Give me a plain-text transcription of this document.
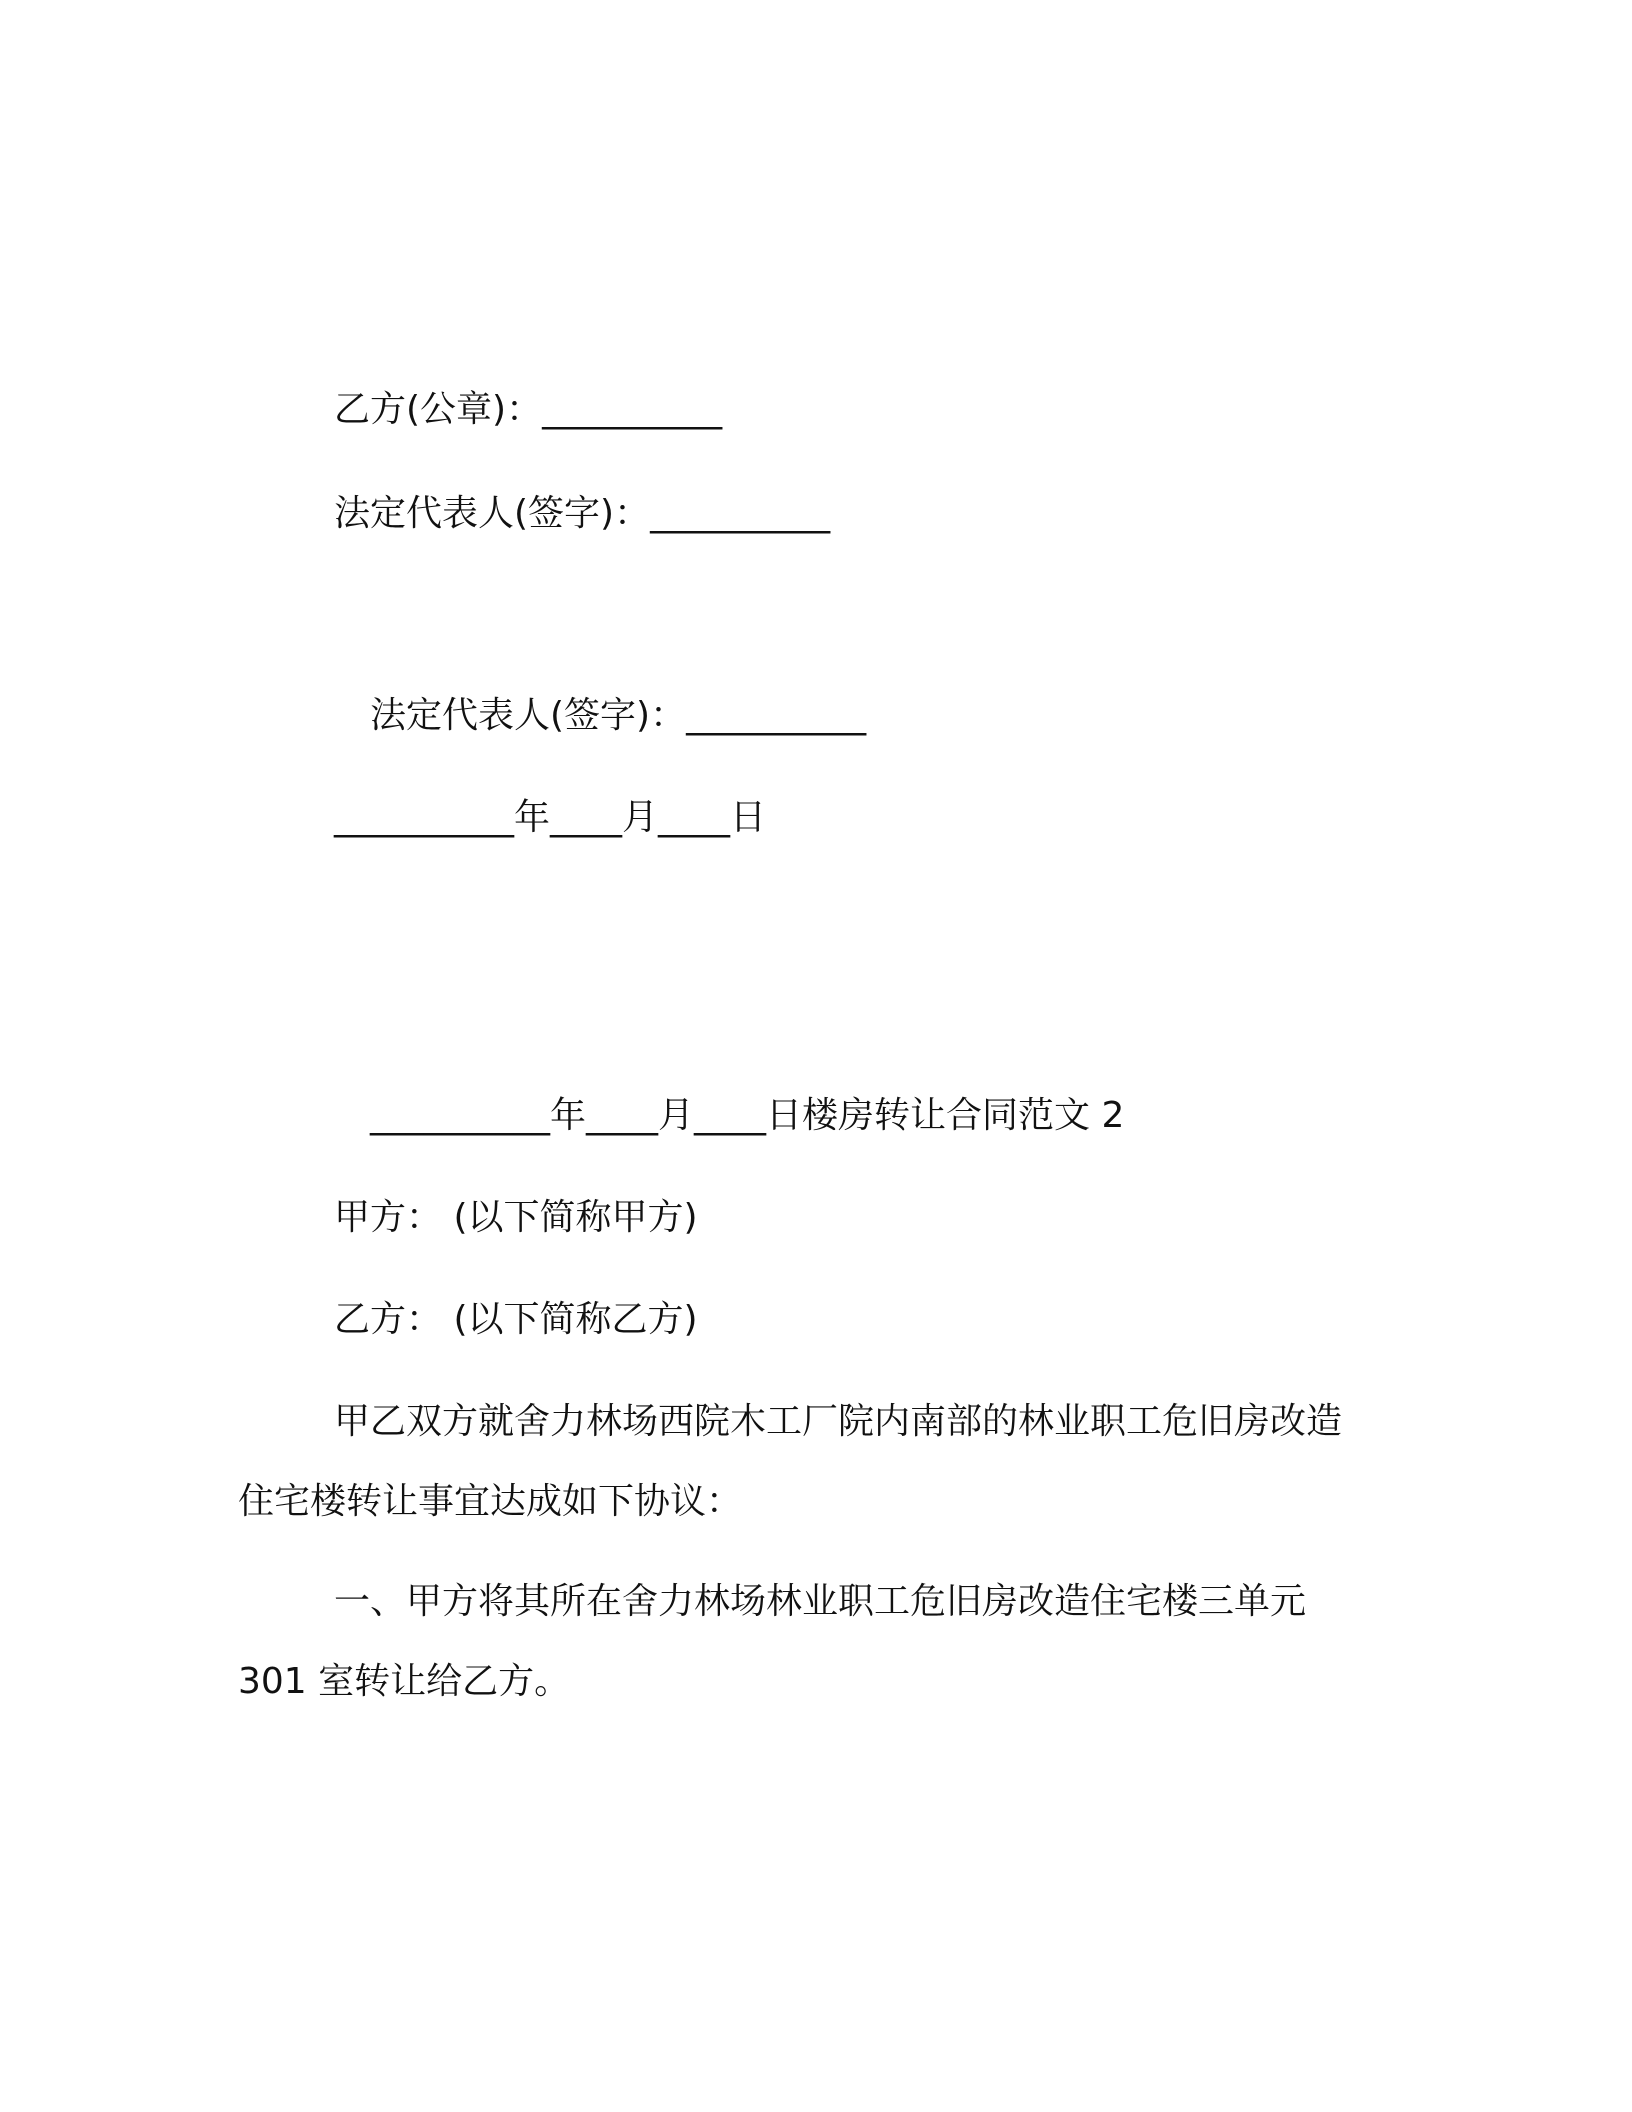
乙方(公章)：__________
法定代表人(签字)：__________
法定代表人(签字)：__________
__________年____月____日
__________年____月____日楼房转让合同范文 2
甲方： (以下简称甲方)
乙方： (以下简称乙方)
甲乙双方就舍力林场西院木工厂院内南部的林业职工危旧房改造
住宅楼转让事宜达成如下协议：
一、甲方将其所在舍力林场林业职工危旧房改造住宅楼三单元
301 室转让给乙方。
